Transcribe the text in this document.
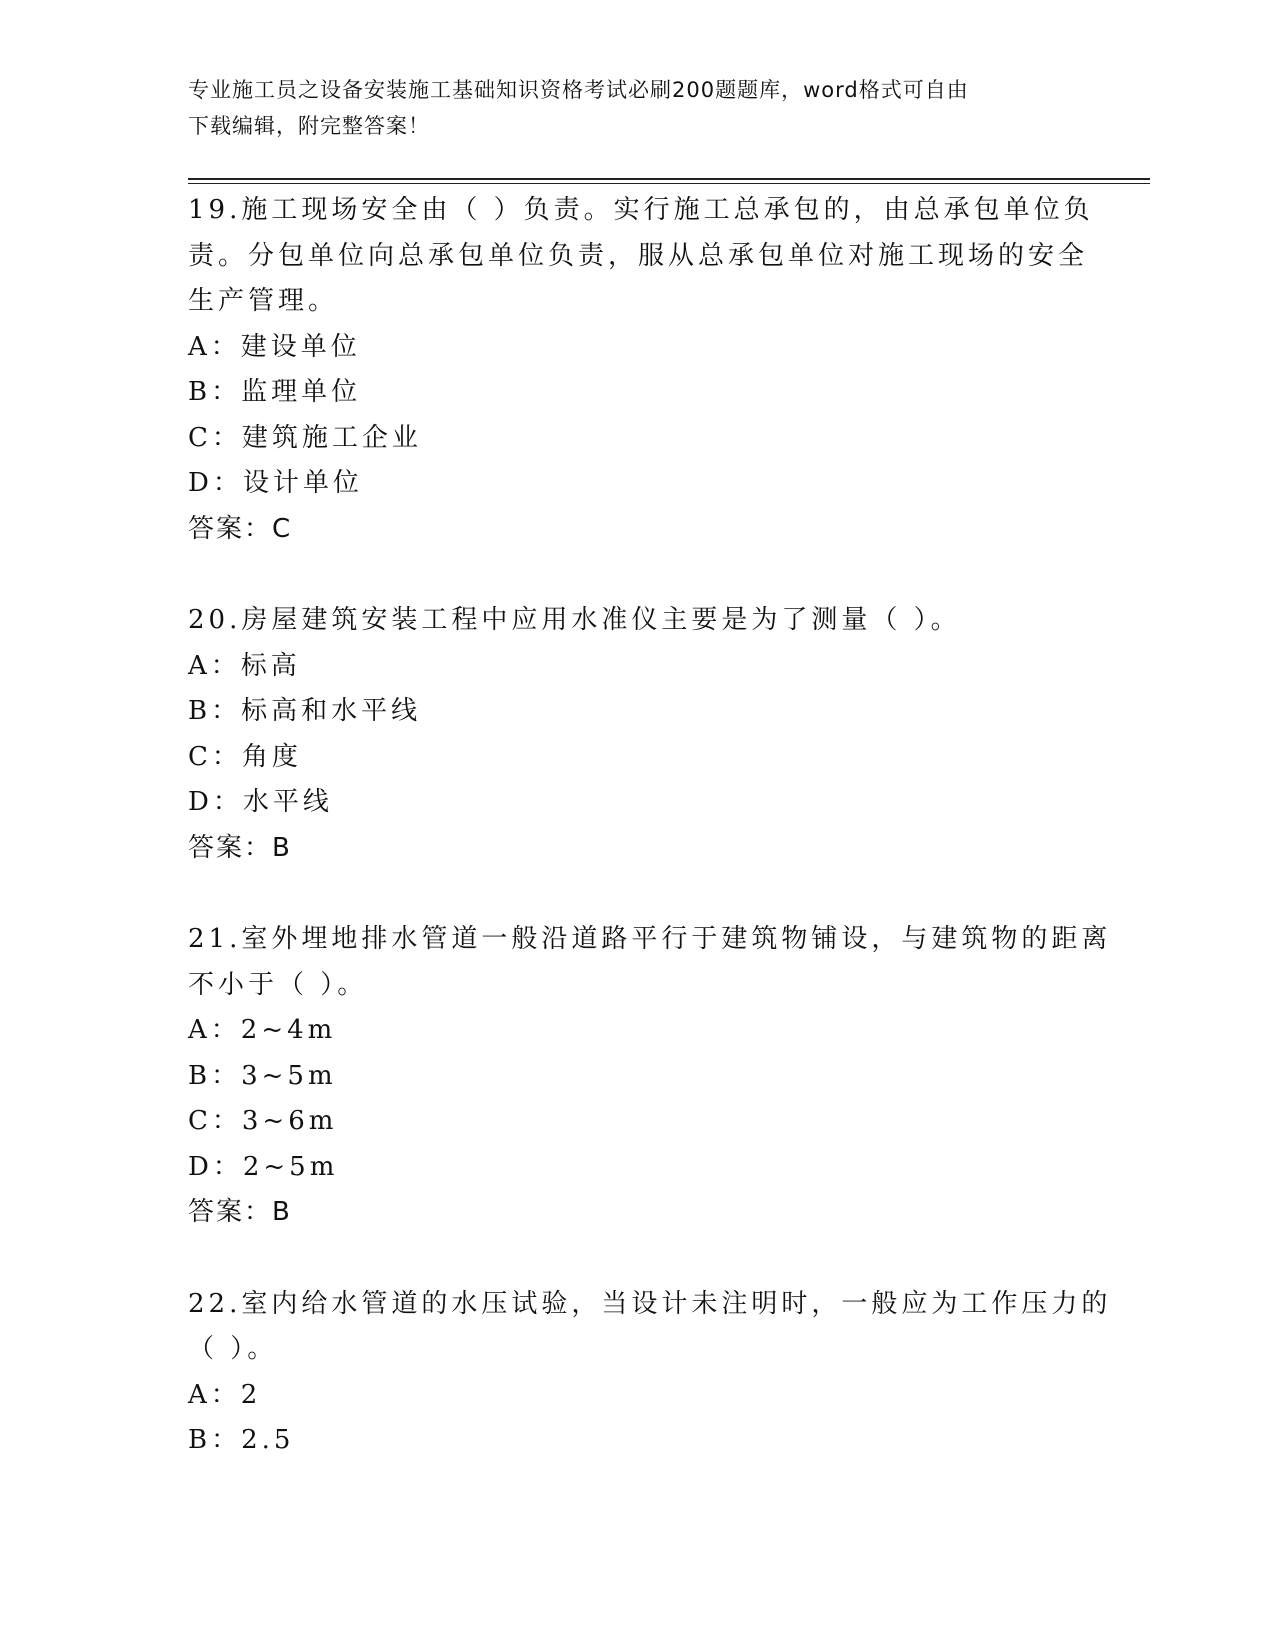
专业施工员之设备安装施工基础知识资格考试必刷200题题库，word格式可自由
下载编辑，附完整答案！
19.施工现场安全由（ ）负责。实行施工总承包的，由总承包单位负
责。分包单位向总承包单位负责，服从总承包单位对施工现场的安全
生产管理。
A：建设单位
B：监理单位
C：建筑施工企业
D：设计单位
答案：C
20.房屋建筑安装工程中应用水准仪主要是为了测量（ ）。
A：标高
B：标高和水平线
C：角度
D：水平线
答案：B
21.室外埋地排水管道一般沿道路平行于建筑物铺设，与建筑物的距离
不小于（ ）。
A：2~4m
B：3~5m
C：3~6m
D：2~5m
答案：B
22.室内给水管道的水压试验，当设计未注明时，一般应为工作压力的
（ ）。
A：2
B：2.5
